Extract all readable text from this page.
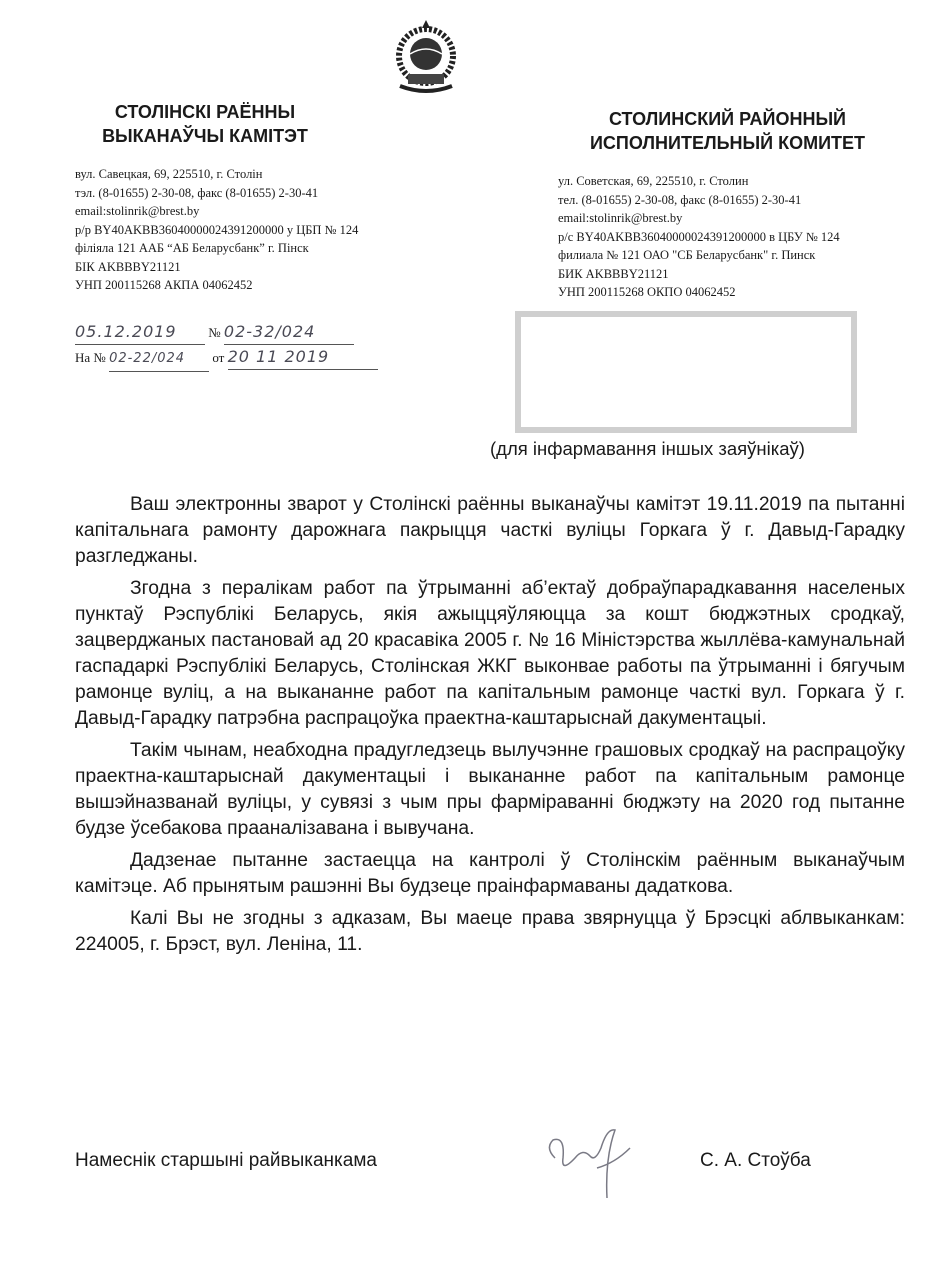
СТОЛІНСКІ РАЁННЫ
ВЫКАНАЎЧЫ КАМІТЭТ
СТОЛИНСКИЙ РАЙОННЫЙ
ИСПОЛНИТЕЛЬНЫЙ КОМИТЕТ
вул. Савецкая, 69, 225510, г. Столін
тэл. (8-01655) 2-30-08, факс (8-01655) 2-30-41
email:stolinrik@brest.by
р/р BY40AKBB36040000024391200000 у ЦБП № 124
філіяла 121 ААБ “АБ Беларусбанк” г. Пінск
БІК AKBBBY21121
УНП 200115268 АКПА 04062452
ул. Советская, 69, 225510, г. Столин
тел. (8-01655) 2-30-08, факс (8-01655) 2-30-41
email:stolinrik@brest.by
р/с BY40AKBB36040000024391200000 в ЦБУ № 124
филиала № 121 ОАО "СБ Беларусбанк" г. Пинск
БИК AKBBBY21121
УНП 200115268 ОКПО 04062452
05.12.2019 № 02-32/024
На № 02-22/024 от 20 11 2019
(для інфармавання іншых заяўнікаў)

Ваш электронны зварот у Столінскі раённы выканаўчы камітэт 19.11.2019 па пытанні капітальнага рамонту дарожнага пакрыцця часткі вуліцы Горкага ў г. Давыд-Гарадку разгледжаны.

Згодна з пералікам работ па ўтрыманні аб’ектаў добраўпарадкавання населеных пунктаў Рэспублікі Беларусь, якія ажыццяўляюцца за кошт бюджэтных сродкаў, зацверджаных пастановай ад 20 красавіка 2005 г. № 16 Міністэрства жыллёва-камунальнай гаспадаркі Рэспублікі Беларусь, Столінская ЖКГ выконвае работы па ўтрыманні і бягучым рамонце вуліц, а на выкананне работ па капітальным рамонце часткі вул. Горкага ў г. Давыд-Гарадку патрэбна распрацоўка праектна-каштарыснай дакументацыі.

Такім чынам, неабходна прадугледзець вылучэнне грашовых сродкаў на распрацоўку праектна-каштарыснай дакументацыі і выкананне работ па капітальным рамонце вышэйназванай вуліцы, у сувязі з чым пры фарміраванні бюджэту на 2020 год пытанне будзе ўсебакова прааналізавана і вывучана.

Дадзенае пытанне застаецца на кантролі ў Столінскім раённым выканаўчым камітэце. Аб прынятым рашэнні Вы будзеце праінфармаваны дадаткова.

Калі Вы не згодны з адказам, Вы маеце права звярнуцца ў Брэсцкі аблвыканкам: 224005, г. Брэст, вул. Леніна, 11.

Намеснік старшыні райвыканкама	С. А. Стоўба
